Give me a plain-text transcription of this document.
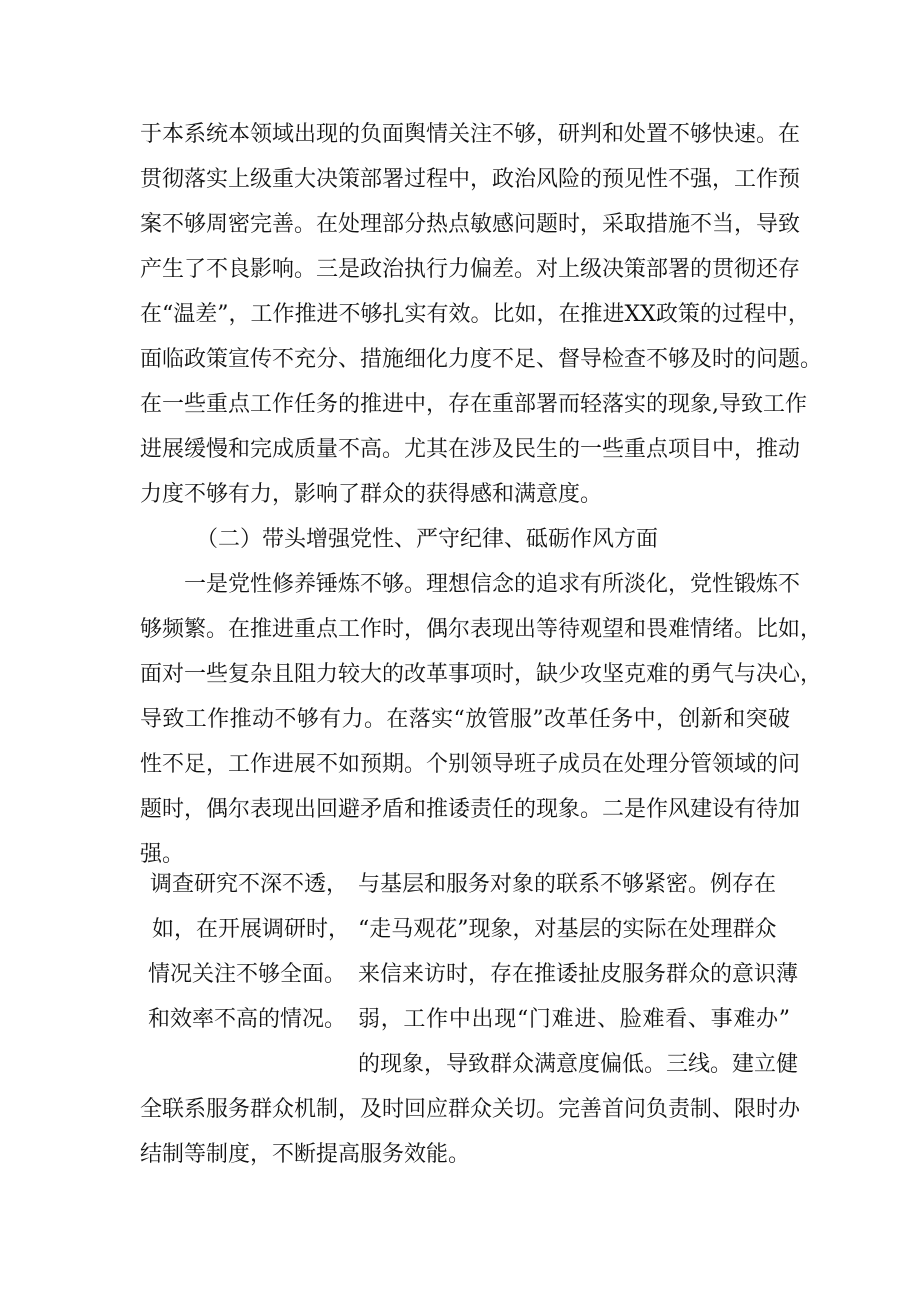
于本系统本领域出现的负面舆情关注不够，研判和处置不够快速。在
贯彻落实上级重大决策部署过程中，政治风险的预见性不强，工作预
案不够周密完善。在处理部分热点敏感问题时，采取措施不当，导致
产生了不良影响。三是政治执行力偏差。对上级决策部署的贯彻还存
在“温差”，工作推进不够扎实有效。比如，在推进XX政策的过程中，
面临政策宣传不充分、措施细化力度不足、督导检查不够及时的问题。
在一些重点工作任务的推进中，存在重部署而轻落实的现象,导致工作
进展缓慢和完成质量不高。尤其在涉及民生的一些重点项目中，推动
力度不够有力，影响了群众的获得感和满意度。
（二）带头增强党性、严守纪律、砥砺作风方面
一是党性修养锤炼不够。理想信念的追求有所淡化，党性锻炼不
够频繁。在推进重点工作时，偶尔表现出等待观望和畏难情绪。比如，
面对一些复杂且阻力较大的改革事项时，缺少攻坚克难的勇气与决心，
导致工作推动不够有力。在落实“放管服”改革任务中，创新和突破
性不足，工作进展不如预期。个别领导班子成员在处理分管领域的问
题时，偶尔表现出回避矛盾和推诿责任的现象。二是作风建设有待加
强。
调查研究不深不透，
如，在开展调研时，
情况关注不够全面。
和效率不高的情况。
与基层和服务对象的联系不够紧密。例存在
“走马观花”现象，对基层的实际在处理群众
来信来访时，存在推诿扯皮服务群众的意识薄
弱，工作中出现“门难进、脸难看、事难办”
的现象，导致群众满意度偏低。三线。建立健
全联系服务群众机制，及时回应群众关切。完善首问负责制、限时办
结制等制度，不断提高服务效能。
